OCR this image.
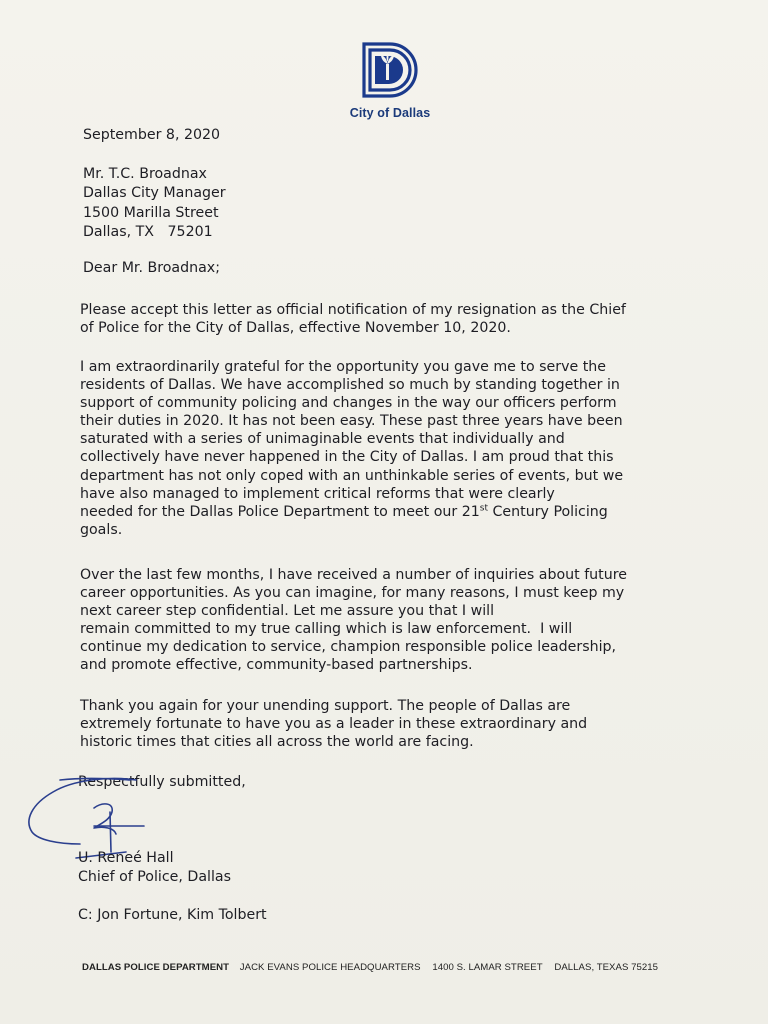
City of Dallas
September 8, 2020
Mr. T.C. Broadnax
Dallas City Manager
1500 Marilla Street
Dallas, TX   75201
Dear Mr. Broadnax;
Please accept this letter as official notification of my resignation as the Chief
of Police for the City of Dallas, effective November 10, 2020.
I am extraordinarily grateful for the opportunity you gave me to serve the
residents of Dallas. We have accomplished so much by standing together in
support of community policing and changes in the way our officers perform
their duties in 2020. It has not been easy. These past three years have been
saturated with a series of unimaginable events that individually and
collectively have never happened in the City of Dallas. I am proud that this
department has not only coped with an unthinkable series of events, but we
have also managed to implement critical reforms that were clearly
needed for the Dallas Police Department to meet our 21st Century Policing
goals.
Over the last few months, I have received a number of inquiries about future
career opportunities. As you can imagine, for many reasons, I must keep my
next career step confidential. Let me assure you that I will
remain committed to my true calling which is law enforcement.  I will
continue my dedication to service, champion responsible police leadership,
and promote effective, community-based partnerships.
Thank you again for your unending support. The people of Dallas are
extremely fortunate to have you as a leader in these extraordinary and
historic times that cities all across the world are facing.
Respectfully submitted,
U. Reneé Hall
Chief of Police, Dallas
C: Jon Fortune, Kim Tolbert
DALLAS POLICE DEPARTMENT JACK EVANS POLICE HEADQUARTERS 1400 S. LAMAR STREET DALLAS, TEXAS 75215
